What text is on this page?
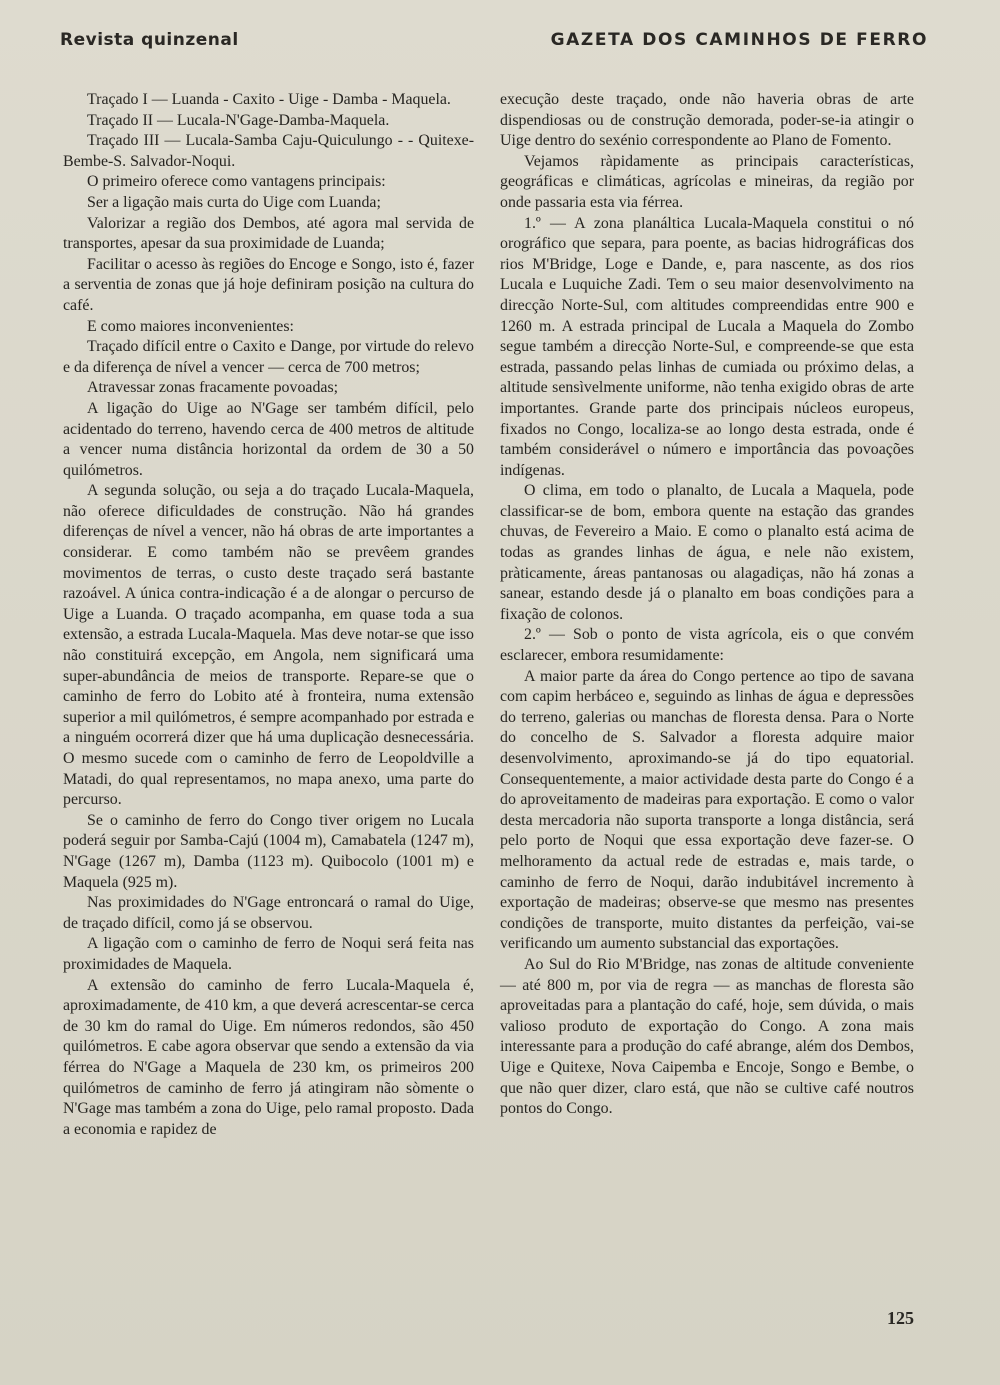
Revista quinzenal	GAZETA DOS CAMINHOS DE FERRO

Traçado I — Luanda - Caxito - Uige - Damba - Maquela.

Traçado II — Lucala-N'Gage-Damba-Maquela.

Traçado III — Lucala-Samba Caju-Quiculungo - - Quitexe-Bembe-S. Salvador-Noqui.

O primeiro oferece como vantagens principais:

Ser a ligação mais curta do Uige com Luanda;

Valorizar a região dos Dembos, até agora mal servida de transportes, apesar da sua proximidade de Luanda;

Facilitar o acesso às regiões do Encoge e Songo, isto é, fazer a serventia de zonas que já hoje definiram posição na cultura do café.

E como maiores inconvenientes:

Traçado difícil entre o Caxito e Dange, por virtude do relevo e da diferença de nível a vencer — cerca de 700 metros;

Atravessar zonas fracamente povoadas;

A ligação do Uige ao N'Gage ser também difícil, pelo acidentado do terreno, havendo cerca de 400 metros de altitude a vencer numa distância horizontal da ordem de 30 a 50 quilómetros.

A segunda solução, ou seja a do traçado Lucala-Maquela, não oferece dificuldades de construção. Não há grandes diferenças de nível a vencer, não há obras de arte importantes a considerar. E como também não se prevêem grandes movimentos de terras, o custo deste traçado será bastante razoável. A única contra-indicação é a de alongar o percurso de Uige a Luanda. O traçado acompanha, em quase toda a sua extensão, a estrada Lucala-Maquela. Mas deve notar-se que isso não constituirá excepção, em Angola, nem significará uma super-abundância de meios de transporte. Repare-se que o caminho de ferro do Lobito até à fronteira, numa extensão superior a mil quilómetros, é sempre acompanhado por estrada e a ninguém ocorrerá dizer que há uma duplicação desnecessária. O mesmo sucede com o caminho de ferro de Leopoldville a Matadi, do qual representamos, no mapa anexo, uma parte do percurso.

Se o caminho de ferro do Congo tiver origem no Lucala poderá seguir por Samba-Cajú (1004 m), Camabatela (1247 m), N'Gage (1267 m), Damba (1123 m). Quibocolo (1001 m) e Maquela (925 m).

Nas proximidades do N'Gage entroncará o ramal do Uige, de traçado difícil, como já se observou.

A ligação com o caminho de ferro de Noqui será feita nas proximidades de Maquela.

A extensão do caminho de ferro Lucala-Maquela é, aproximadamente, de 410 km, a que deverá acrescentar-se cerca de 30 km do ramal do Uige. Em números redondos, são 450 quilómetros. E cabe agora observar que sendo a extensão da via férrea do N'Gage a Maquela de 230 km, os primeiros 200 quilómetros de caminho de ferro já atingiram não sòmente o N'Gage mas também a zona do Uige, pelo ramal proposto. Dada a economia e rapidez de

execução deste traçado, onde não haveria obras de arte dispendiosas ou de construção demorada, poder-se-ia atingir o Uige dentro do sexénio correspondente ao Plano de Fomento.

Vejamos ràpidamente as principais características, geográficas e climáticas, agrícolas e mineiras, da região por onde passaria esta via férrea.

1.º — A zona planáltica Lucala-Maquela constitui o nó orográfico que separa, para poente, as bacias hidrográficas dos rios M'Bridge, Loge e Dande, e, para nascente, as dos rios Lucala e Luquiche Zadi. Tem o seu maior desenvolvimento na direcção Norte-Sul, com altitudes compreendidas entre 900 e 1260 m. A estrada principal de Lucala a Maquela do Zombo segue também a direcção Norte-Sul, e compreende-se que esta estrada, passando pelas linhas de cumiada ou próximo delas, a altitude sensìvelmente uniforme, não tenha exigido obras de arte importantes. Grande parte dos principais núcleos europeus, fixados no Congo, localiza-se ao longo desta estrada, onde é também considerável o número e importância das povoações indígenas.

O clima, em todo o planalto, de Lucala a Maquela, pode classificar-se de bom, embora quente na estação das grandes chuvas, de Fevereiro a Maio. E como o planalto está acima de todas as grandes linhas de água, e nele não existem, pràticamente, áreas pantanosas ou alagadiças, não há zonas a sanear, estando desde já o planalto em boas condições para a fixação de colonos.

2.º — Sob o ponto de vista agrícola, eis o que convém esclarecer, embora resumidamente:

A maior parte da área do Congo pertence ao tipo de savana com capim herbáceo e, seguindo as linhas de água e depressões do terreno, galerias ou manchas de floresta densa. Para o Norte do concelho de S. Salvador a floresta adquire maior desenvolvimento, aproximando-se já do tipo equatorial. Consequentemente, a maior actividade desta parte do Congo é a do aproveitamento de madeiras para exportação. E como o valor desta mercadoria não suporta transporte a longa distância, será pelo porto de Noqui que essa exportação deve fazer-se. O melhoramento da actual rede de estradas e, mais tarde, o caminho de ferro de Noqui, darão indubitável incremento à exportação de madeiras; observe-se que mesmo nas presentes condições de transporte, muito distantes da perfeição, vai-se verificando um aumento substancial das exportações.

Ao Sul do Rio M'Bridge, nas zonas de altitude conveniente — até 800 m, por via de regra — as manchas de floresta são aproveitadas para a plantação do café, hoje, sem dúvida, o mais valioso produto de exportação do Congo. A zona mais interessante para a produção do café abrange, além dos Dembos, Uige e Quitexe, Nova Caipemba e Encoje, Songo e Bembe, o que não quer dizer, claro está, que não se cultive café noutros pontos do Congo.

125
